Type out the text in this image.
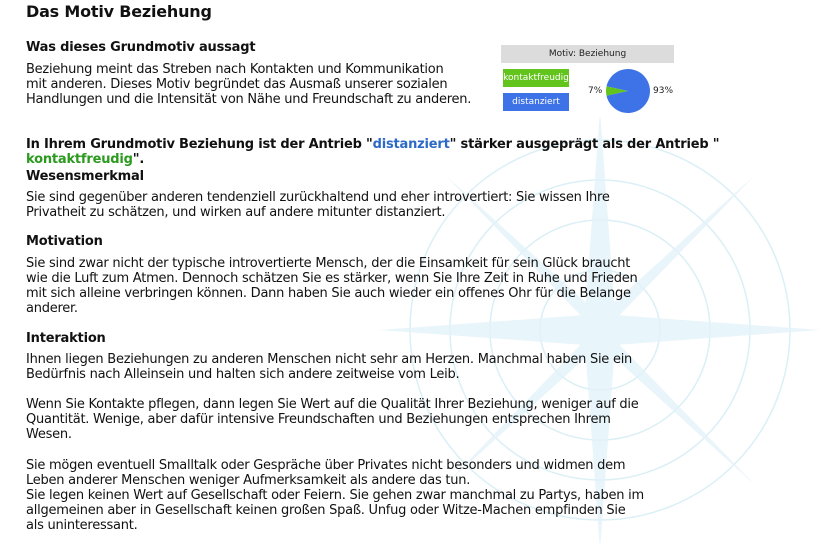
Das Motiv Beziehung
Was dieses Grundmotiv aussagt
Beziehung meint das Streben nach Kontakten und Kommunikation
mit anderen. Dieses Motiv begründet das Ausmaß unserer sozialen
Handlungen und die Intensität von Nähe und Freundschaft zu anderen.
Motiv: Beziehung
kontaktfreudig
distanziert
7%	93%
In Ihrem Grundmotiv Beziehung ist der Antrieb "distanziert" stärker ausgeprägt als der Antrieb "
kontaktfreudig".
Wesensmerkmal
Sie sind gegenüber anderen tendenziell zurückhaltend und eher introvertiert: Sie wissen Ihre
Privatheit zu schätzen, und wirken auf andere mitunter distanziert.
Motivation
Sie sind zwar nicht der typische introvertierte Mensch, der die Einsamkeit für sein Glück braucht
wie die Luft zum Atmen. Dennoch schätzen Sie es stärker, wenn Sie Ihre Zeit in Ruhe und Frieden
mit sich alleine verbringen können. Dann haben Sie auch wieder ein offenes Ohr für die Belange
anderer.
Interaktion
Ihnen liegen Beziehungen zu anderen Menschen nicht sehr am Herzen. Manchmal haben Sie ein
Bedürfnis nach Alleinsein und halten sich andere zeitweise vom Leib.
Wenn Sie Kontakte pflegen, dann legen Sie Wert auf die Qualität Ihrer Beziehung, weniger auf die
Quantität. Wenige, aber dafür intensive Freundschaften und Beziehungen entsprechen Ihrem
Wesen.
Sie mögen eventuell Smalltalk oder Gespräche über Privates nicht besonders und widmen dem
Leben anderer Menschen weniger Aufmerksamkeit als andere das tun.
Sie legen keinen Wert auf Gesellschaft oder Feiern. Sie gehen zwar manchmal zu Partys, haben im
allgemeinen aber in Gesellschaft keinen großen Spaß. Unfug oder Witze-Machen empfinden Sie
als uninteressant.
